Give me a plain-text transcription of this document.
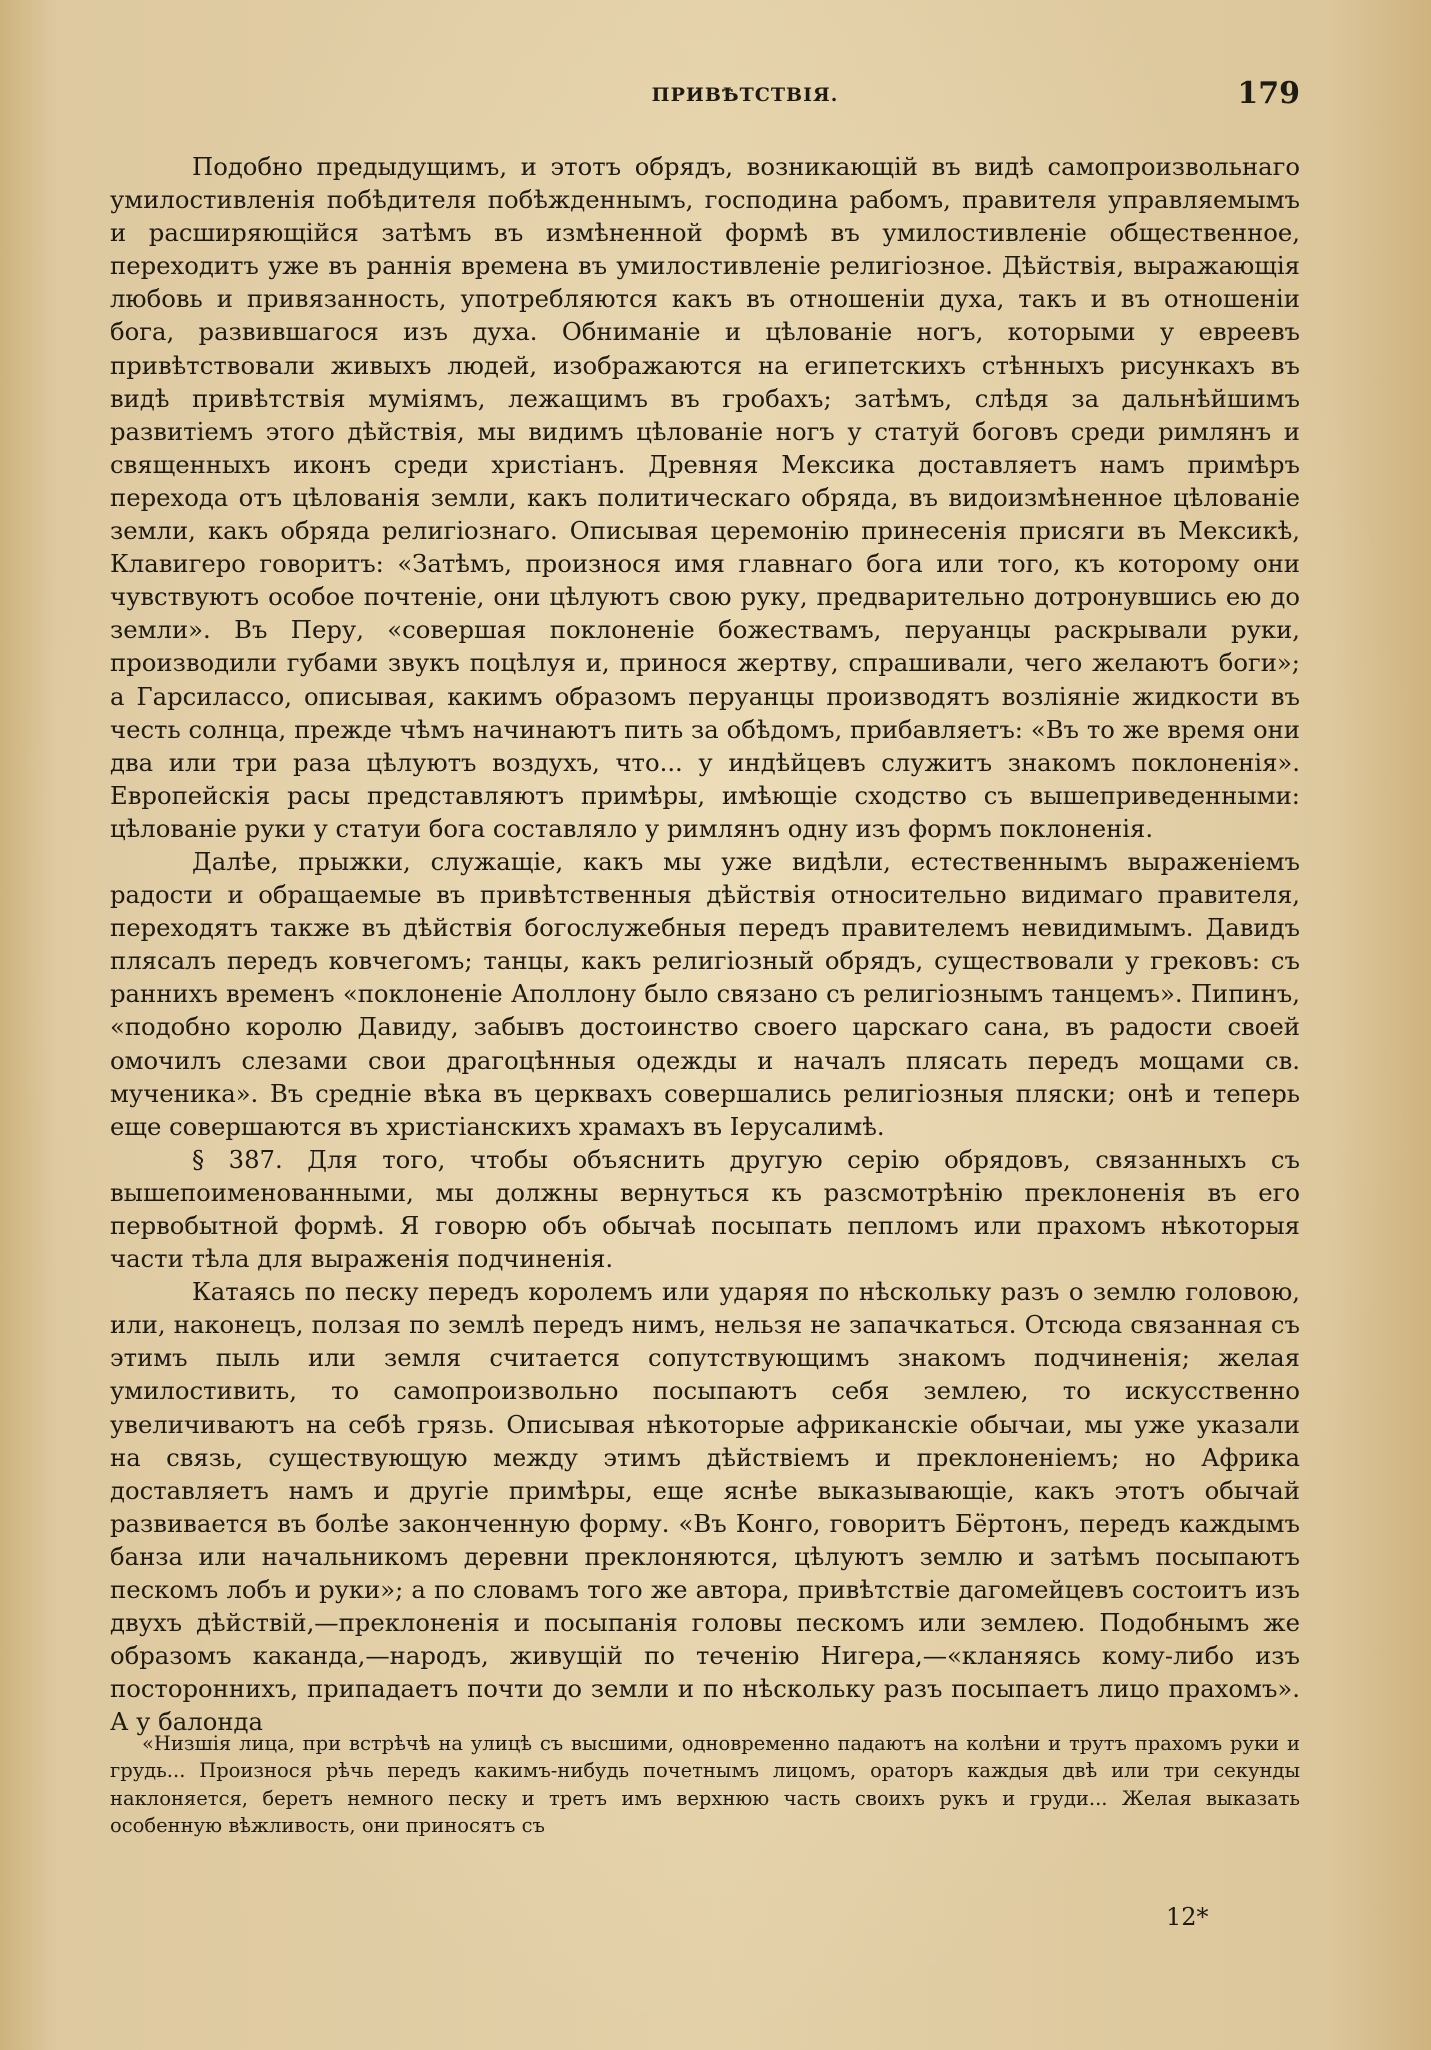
ПРИВѢТСТВІЯ.	179

Подобно предыдущимъ, и этотъ обрядъ, возникающій въ видѣ самопроизвольнаго умилостивленія побѣдителя побѣжденнымъ, господина рабомъ, правителя управляемымъ и расширяющійся затѣмъ въ измѣненной формѣ въ умилостивленіе общественное, переходитъ уже въ раннія времена въ умилостивленіе религіозное. Дѣйствія, выражающія любовь и привязанность, употребляются какъ въ отношеніи духа, такъ и въ отношеніи бога, развившагося изъ духа. Обниманіе и цѣлованіе ногъ, которыми у евреевъ привѣтствовали живыхъ людей, изображаются на египетскихъ стѣнныхъ рисункахъ въ видѣ привѣтствія муміямъ, лежащимъ въ гробахъ; затѣмъ, слѣдя за дальнѣйшимъ развитіемъ этого дѣйствія, мы видимъ цѣлованіе ногъ у статуй боговъ среди римлянъ и священныхъ иконъ среди христіанъ. Древняя Мексика доставляетъ намъ примѣръ перехода отъ цѣлованія земли, какъ политическаго обряда, въ видоизмѣненное цѣлованіе земли, какъ обряда религіознаго. Описывая церемонію принесенія присяги въ Мексикѣ, Клавигеро говоритъ: «Затѣмъ, произнося имя главнаго бога или того, къ которому они чувствуютъ особое почтеніе, они цѣлуютъ свою руку, предварительно дотронувшись ею до земли». Въ Перу, «совершая поклоненіе божествамъ, перуанцы раскрывали руки, производили губами звукъ поцѣлуя и, принося жертву, спрашивали, чего желаютъ боги»; а Гарсилассо, описывая, какимъ образомъ перуанцы производятъ возліяніе жидкости въ честь солнца, прежде чѣмъ начинаютъ пить за обѣдомъ, прибавляетъ: «Въ то же время они два или три раза цѣлуютъ воздухъ, что... у индѣйцевъ служитъ знакомъ поклоненія». Европейскія расы представляютъ примѣры, имѣющіе сходство съ вышеприведенными: цѣлованіе руки у статуи бога составляло у римлянъ одну изъ формъ поклоненія.

Далѣе, прыжки, служащіе, какъ мы уже видѣли, естественнымъ выраженіемъ радости и обращаемые въ привѣтственныя дѣйствія относительно видимаго правителя, переходятъ также въ дѣйствія богослужебныя передъ правителемъ невидимымъ. Давидъ плясалъ передъ ковчегомъ; танцы, какъ религіозный обрядъ, существовали у грековъ: съ раннихъ временъ «поклоненіе Аполлону было связано съ религіознымъ танцемъ». Пипинъ, «подобно королю Давиду, забывъ достоинство своего царскаго сана, въ радости своей омочилъ слезами свои драгоцѣнныя одежды и началъ плясать передъ мощами св. мученика». Въ средніе вѣка въ церквахъ совершались религіозныя пляски; онѣ и теперь еще совершаются въ христіанскихъ храмахъ въ Іерусалимѣ.

§ 387. Для того, чтобы объяснить другую серію обрядовъ, связанныхъ съ вышепоименованными, мы должны вернуться къ разсмотрѣнію преклоненія въ его первобытной формѣ. Я говорю объ обычаѣ посыпать пепломъ или прахомъ нѣкоторыя части тѣла для выраженія подчиненія.

Катаясь по песку передъ королемъ или ударяя по нѣскольку разъ о землю головою, или, наконецъ, ползая по землѣ передъ нимъ, нельзя не запачкаться. Отсюда связанная съ этимъ пыль или земля считается сопутствующимъ знакомъ подчиненія; желая умилостивить, то самопроизвольно посыпаютъ себя землею, то искусственно увеличиваютъ на себѣ грязь. Описывая нѣкоторые африканскіе обычаи, мы уже указали на связь, существующую между этимъ дѣйствіемъ и преклоненіемъ; но Африка доставляетъ намъ и другіе примѣры, еще яснѣе выказывающіе, какъ этотъ обычай развивается въ болѣе законченную форму. «Въ Конго, говоритъ Бёртонъ, передъ каждымъ банза или начальникомъ деревни преклоняются, цѣлуютъ землю и затѣмъ посыпаютъ пескомъ лобъ и руки»; а по словамъ того же автора, привѣтствіе дагомейцевъ состоитъ изъ двухъ дѣйствій,—преклоненія и посыпанія головы пескомъ или землею. Подобнымъ же образомъ каканда,—народъ, живущій по теченію Нигера,—«кланяясь кому-либо изъ постороннихъ, припадаетъ почти до земли и по нѣскольку разъ посыпаетъ лицо прахомъ». А у балонда

«Низшія лица, при встрѣчѣ на улицѣ съ высшими, одновременно падаютъ на колѣни и трутъ прахомъ руки и грудь... Произнося рѣчь передъ какимъ-нибудь почетнымъ лицомъ, ораторъ каждыя двѣ или три секунды наклоняется, беретъ немного песку и третъ имъ верхнюю часть своихъ рукъ и груди... Желая выказать особенную вѣжливость, они приносятъ съ

12*
